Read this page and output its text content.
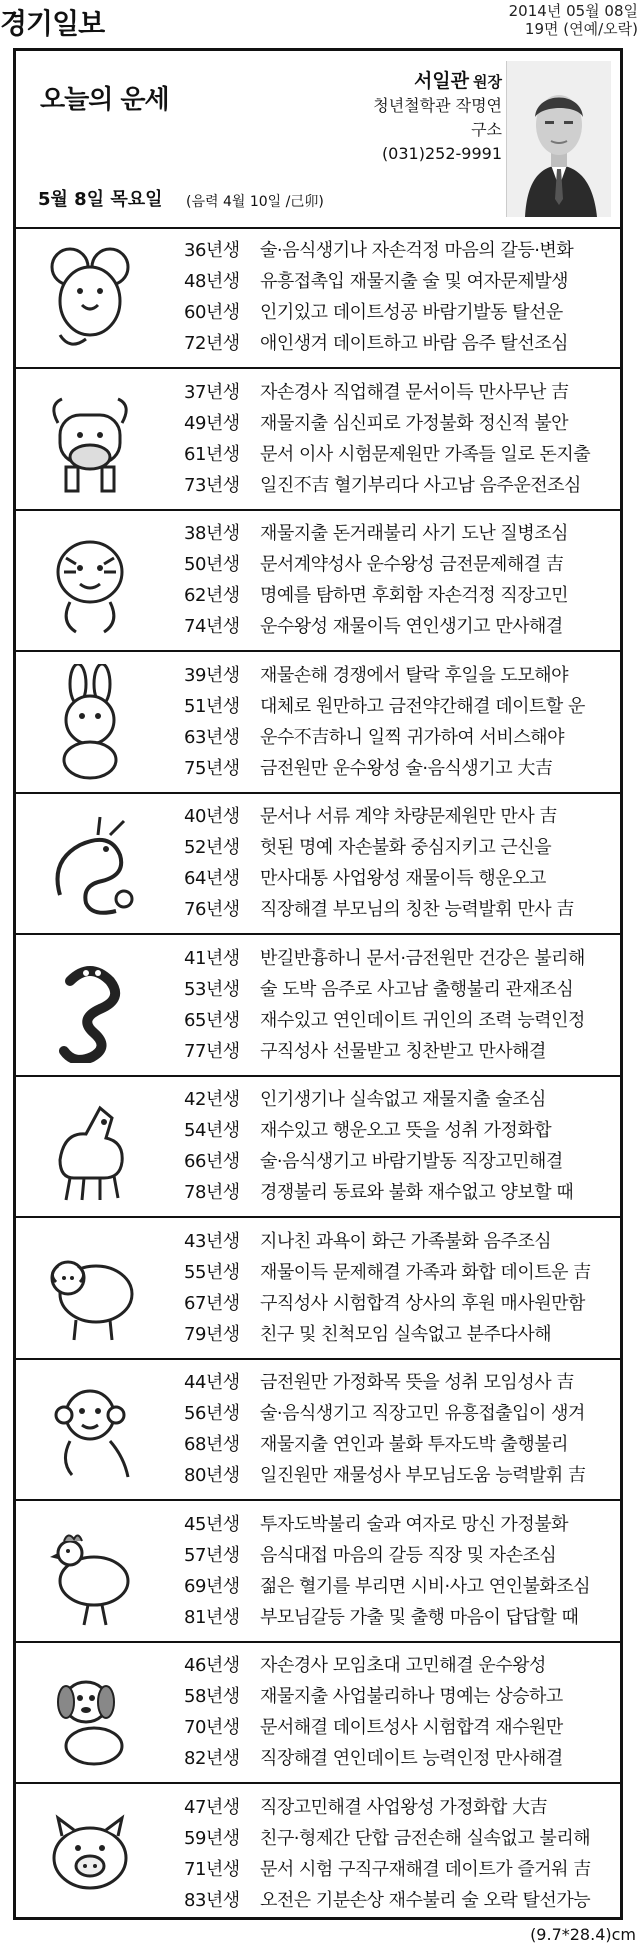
경기일보	2014년 05월 08일
19면 (연예/오락)
오늘의 운세
서일관 원장
청년철학관 작명연구소
(031)252-9991
5월 8일 목요일 (음력 4월 10일 /己卯)
36년생 술·음식생기나 자손걱정 마음의 갈등·변화
48년생 유흥접촉입 재물지출 술 및 여자문제발생
60년생 인기있고 데이트성공 바람기발동 탈선운
72년생 애인생겨 데이트하고 바람 음주 탈선조심
37년생 자손경사 직업해결 문서이득 만사무난 吉
49년생 재물지출 심신피로 가정불화 정신적 불안
61년생 문서 이사 시험문제원만 가족들 일로 돈지출
73년생 일진不吉 혈기부리다 사고남 음주운전조심
38년생 재물지출 돈거래불리 사기 도난 질병조심
50년생 문서계약성사 운수왕성 금전문제해결 吉
62년생 명예를 탐하면 후회함 자손걱정 직장고민
74년생 운수왕성 재물이득 연인생기고 만사해결
39년생 재물손해 경쟁에서 탈락 후일을 도모해야
51년생 대체로 원만하고 금전약간해결 데이트할 운
63년생 운수不吉하니 일찍 귀가하여 서비스해야
75년생 금전원만 운수왕성 술·음식생기고 大吉
40년생 문서나 서류 계약 차량문제원만 만사 吉
52년생 헛된 명예 자손불화 중심지키고 근신을
64년생 만사대통 사업왕성 재물이득 행운오고
76년생 직장해결 부모님의 칭찬 능력발휘 만사 吉
41년생 반길반흉하니 문서·금전원만 건강은 불리해
53년생 술 도박 음주로 사고남 출행불리 관재조심
65년생 재수있고 연인데이트 귀인의 조력 능력인정
77년생 구직성사 선물받고 칭찬받고 만사해결
42년생 인기생기나 실속없고 재물지출 술조심
54년생 재수있고 행운오고 뜻을 성취 가정화합
66년생 술·음식생기고 바람기발동 직장고민해결
78년생 경쟁불리 동료와 불화 재수없고 양보할 때
43년생 지나친 과욕이 화근 가족불화 음주조심
55년생 재물이득 문제해결 가족과 화합 데이트운 吉
67년생 구직성사 시험합격 상사의 후원 매사원만함
79년생 친구 및 친척모임 실속없고 분주다사해
44년생 금전원만 가정화목 뜻을 성취 모임성사 吉
56년생 술·음식생기고 직장고민 유흥접출입이 생겨
68년생 재물지출 연인과 불화 투자도박 출행불리
80년생 일진원만 재물성사 부모님도움 능력발휘 吉
45년생 투자도박불리 술과 여자로 망신 가정불화
57년생 음식대접 마음의 갈등 직장 및 자손조심
69년생 젊은 혈기를 부리면 시비·사고 연인불화조심
81년생 부모님갈등 가출 및 출행 마음이 답답할 때
46년생 자손경사 모임초대 고민해결 운수왕성
58년생 재물지출 사업불리하나 명예는 상승하고
70년생 문서해결 데이트성사 시험합격 재수원만
82년생 직장해결 연인데이트 능력인정 만사해결
47년생 직장고민해결 사업왕성 가정화합 大吉
59년생 친구·형제간 단합 금전손해 실속없고 불리해
71년생 문서 시험 구직구재해결 데이트가 즐거워 吉
83년생 오전은 기분손상 재수불리 술 오락 탈선가능
(9.7*28.4)cm
